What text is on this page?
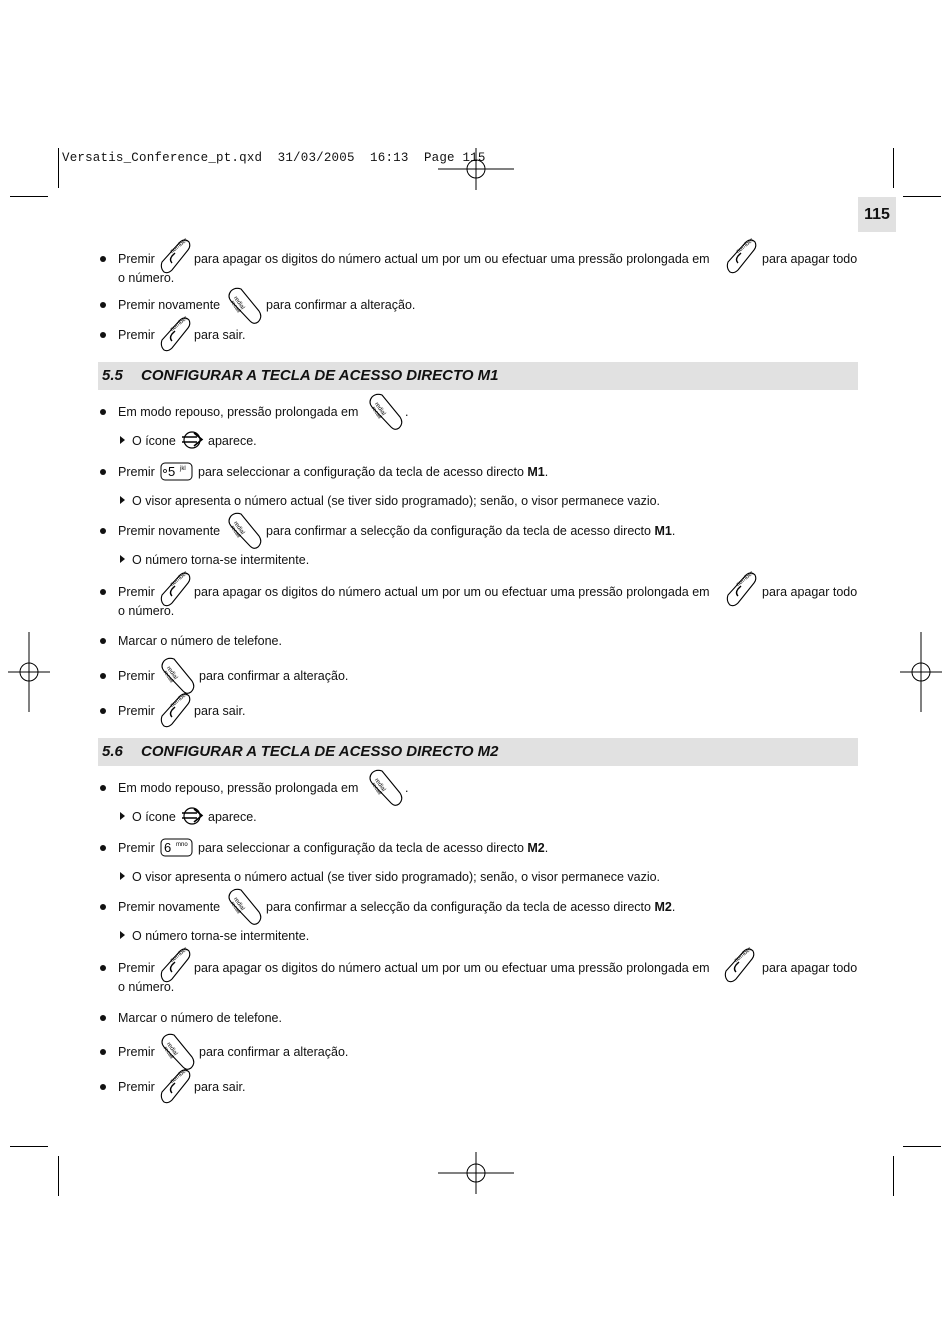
Versatis_Conference_pt.qxd  31/03/2005  16:13  Page 115
115
Premir	para apagar os digitos do número actual um por um ou efectuar uma pressão prolongada em	para apagar todo
o número.
Premir novamente	para confirmar a alteração.
Premir	para sair.
5.5 CONFIGURAR A TECLA DE ACESSO DIRECTO M1
Em modo repouso, pressão prolongada em	.
O ícone	aparece.
Premir 5 jkl para seleccionar a configuração da tecla de acesso directo M1.
O visor apresenta o número actual (se tiver sido programado); senão, o visor permanece vazio.
Premir novamente	para confirmar a selecção da configuração da tecla de acesso directo M1.
O número torna-se intermitente.
Premir	para apagar os digitos do número actual um por um ou efectuar uma pressão prolongada em	para apagar todo
o número.
Marcar o número de telefone.
Premir	para confirmar a alteração.
Premir	para sair.
5.6 CONFIGURAR A TECLA DE ACESSO DIRECTO M2
Em modo repouso, pressão prolongada em	.
O ícone	aparece.
Premir 6 mno para seleccionar a configuração da tecla de acesso directo M2.
O visor apresenta o número actual (se tiver sido programado); senão, o visor permanece vazio.
Premir novamente	para confirmar a selecção da configuração da tecla de acesso directo M2.
O número torna-se intermitente.
Premir	para apagar os digitos do número actual um por um ou efectuar uma pressão prolongada em	para apagar todo
o número.
Marcar o número de telefone.
Premir	para confirmar a alteração.
Premir	para sair.
